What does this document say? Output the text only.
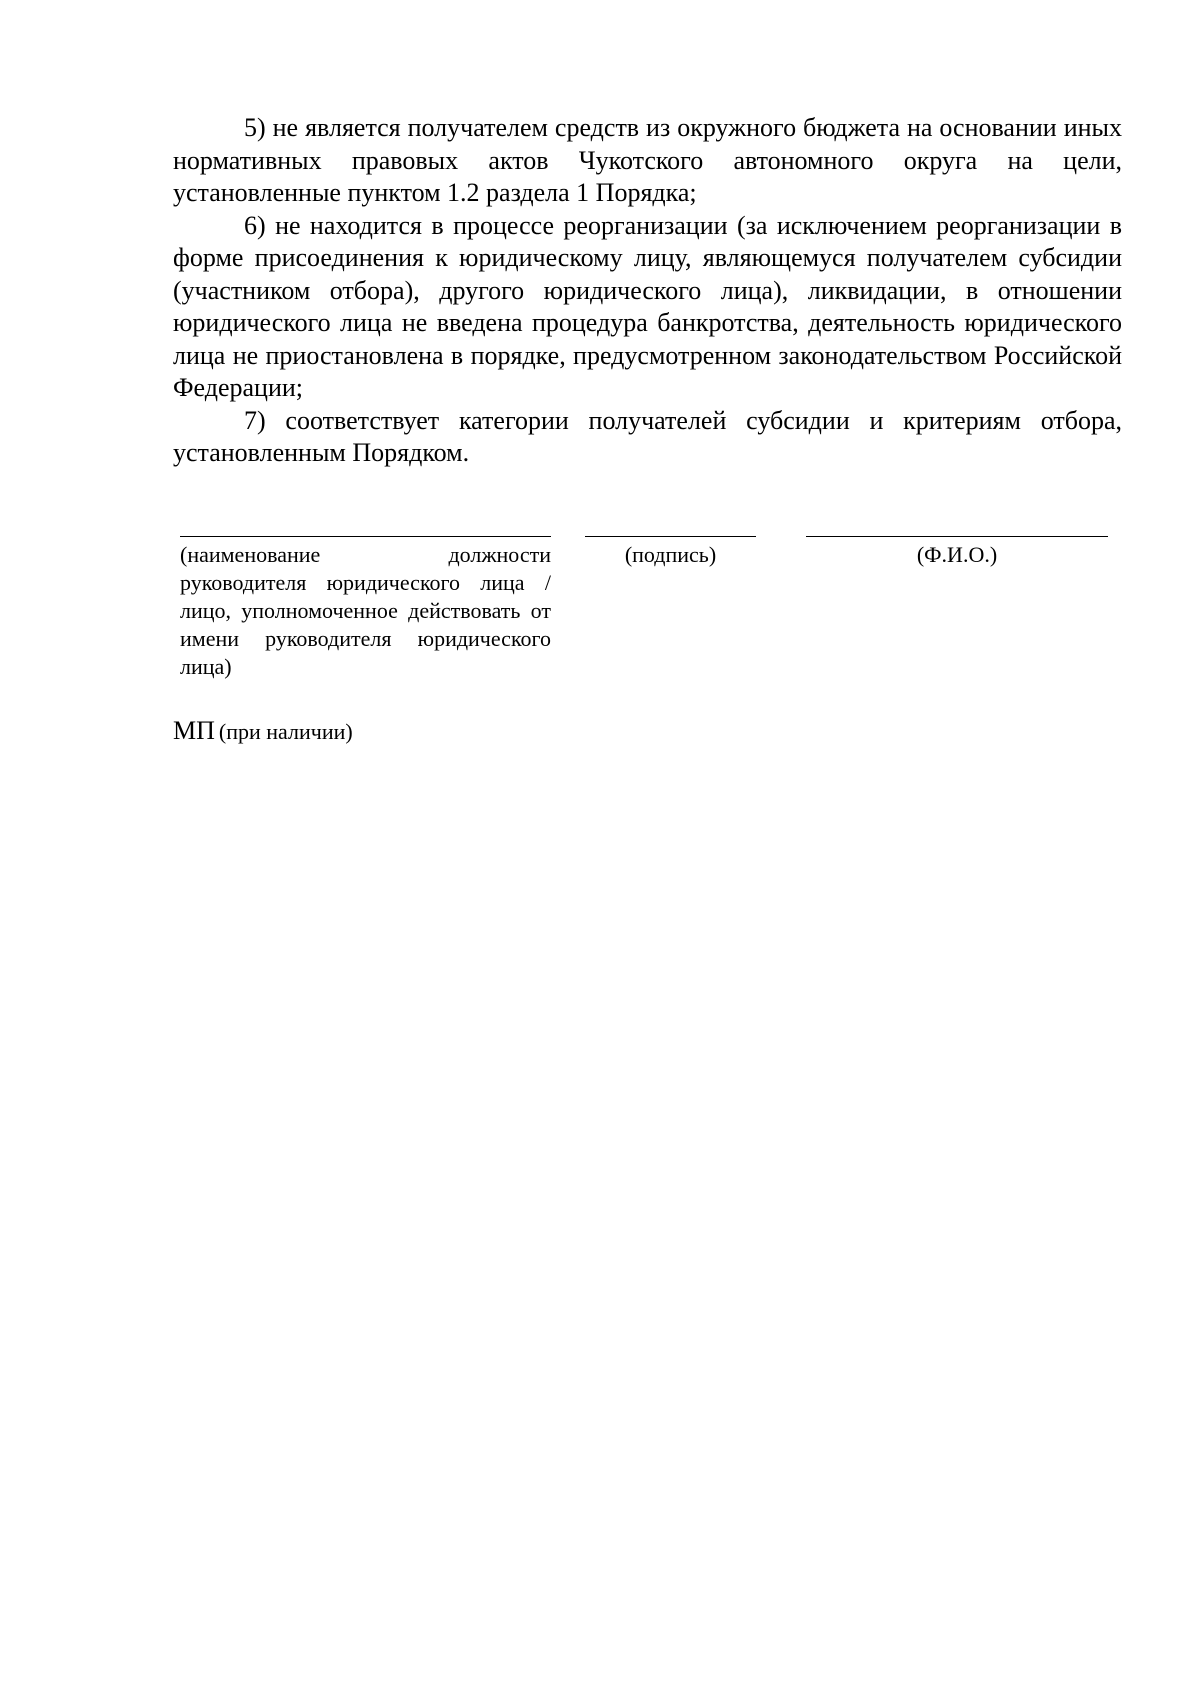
5) не является получателем средств из окружного бюджета на основании иных нормативных правовых актов Чукотского автономного округа на цели, установленные пунктом 1.2 раздела 1 Порядка;

6) не находится в процессе реорганизации (за исключением реорганизации в форме присоединения к юридическому лицу, являющемуся получателем субсидии (участником отбора), другого юридического лица), ликвидации, в отношении юридического лица не введена процедура банкротства, деятельность юридического лица не приостановлена в порядке, предусмотренном законодательством Российской Федерации;

7) соответствует категории получателей субсидии и критериям отбора, установленным Порядком.

(наименование должности руководителя юридического лица / лицо, уполномоченное действовать от имени руководителя юридического лица)
(подпись)	(Ф.И.О.)
МП (при наличии)
